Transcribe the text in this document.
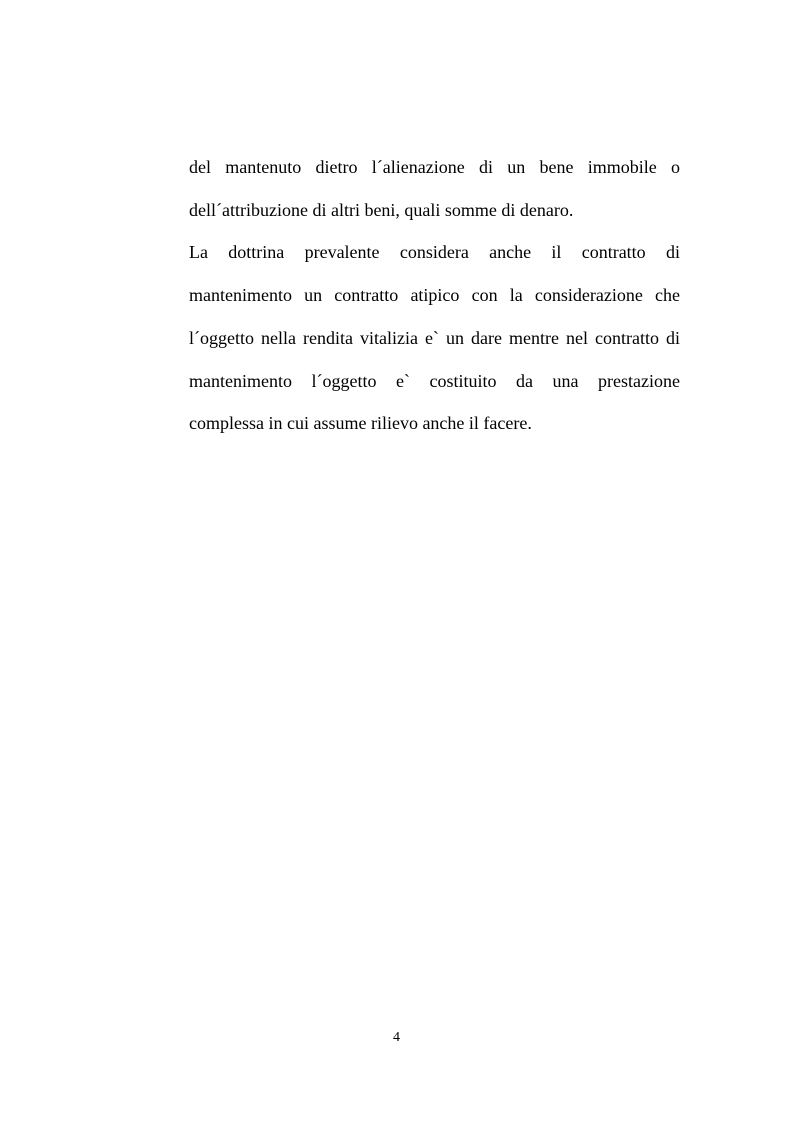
del mantenuto dietro l´alienazione di un bene immobile o
dell´attribuzione di altri beni, quali somme di denaro.
La dottrina prevalente considera anche il contratto di
mantenimento un contratto atipico con la considerazione che
l´oggetto nella rendita vitalizia e` un dare mentre nel contratto di
mantenimento l´oggetto e` costituito da una prestazione
complessa in cui assume rilievo anche il facere.
4
